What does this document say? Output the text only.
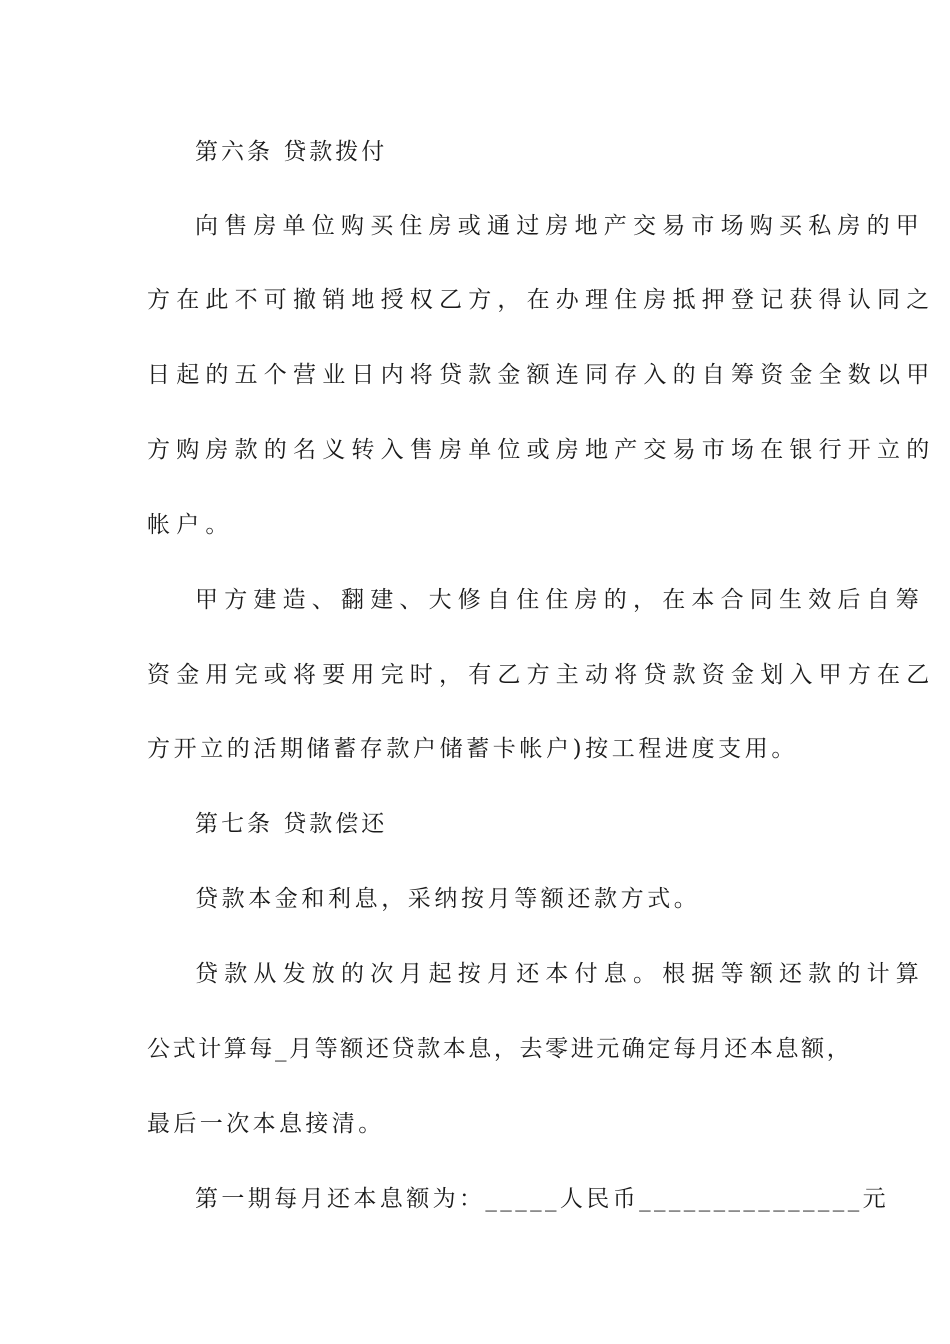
第六条 贷款拨付
向售房单位购买住房或通过房地产交易市场购买私房的甲
方在此不可撤销地授权乙方，在办理住房抵押登记获得认同之
日起的五个营业日内将贷款金额连同存入的自筹资金全数以甲
方购房款的名义转入售房单位或房地产交易市场在银行开立的
帐户。
甲方建造、翻建、大修自住住房的，在本合同生效后自筹
资金用完或将要用完时，有乙方主动将贷款资金划入甲方在乙
方开立的活期储蓄存款户储蓄卡帐户)按工程进度支用。
第七条 贷款偿还
贷款本金和利息，采纳按月等额还款方式。
贷款从发放的次月起按月还本付息。根据等额还款的计算
公式计算每_月等额还贷款本息，去零进元确定每月还本息额，
最后一次本息接清。
第一期每月还本息额为：_____人民币_______________元
